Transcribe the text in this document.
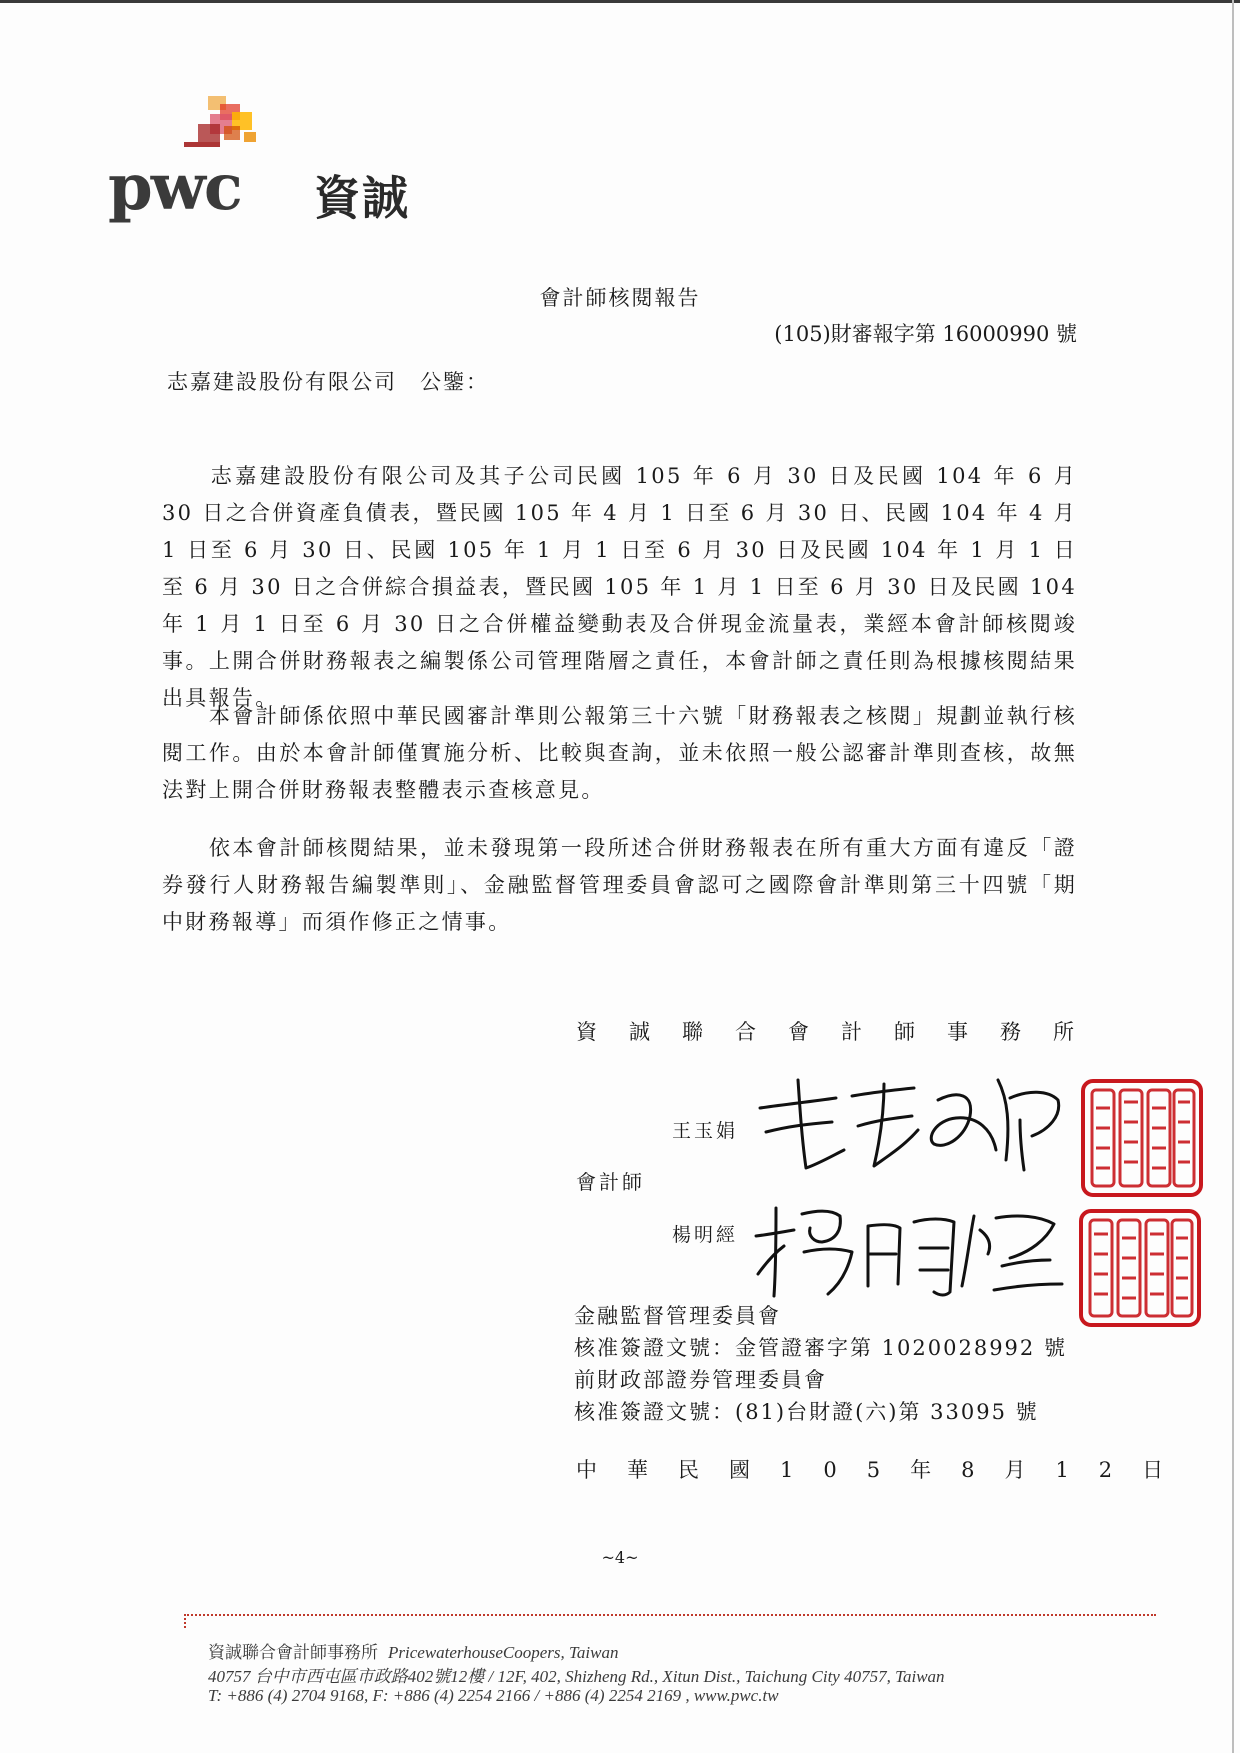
pwc 資誠
會計師核閱報告
(105)財審報字第 16000990 號
志嘉建設股份有限公司　公鑒：
　　志嘉建設股份有限公司及其子公司民國 105 年 6 月 30 日及民國 104 年 6 月 30 日之合併資產負債表，暨民國 105 年 4 月 1 日至 6 月 30 日、民國 104 年 4 月 1 日至 6 月 30 日、民國 105 年 1 月 1 日至 6 月 30 日及民國 104 年 1 月 1 日至 6 月 30 日之合併綜合損益表，暨民國 105 年 1 月 1 日至 6 月 30 日及民國 104 年 1 月 1 日至 6 月 30 日之合併權益變動表及合併現金流量表，業經本會計師核閱竣事。上開合併財務報表之編製係公司管理階層之責任，本會計師之責任則為根據核閱結果出具報告。
　　本會計師係依照中華民國審計準則公報第三十六號「財務報表之核閱」規劃並執行核閱工作。由於本會計師僅實施分析、比較與查詢，並未依照一般公認審計準則查核，故無法對上開合併財務報表整體表示查核意見。
　　依本會計師核閱結果，並未發現第一段所述合併財務報表在所有重大方面有違反「證券發行人財務報告編製準則」、金融監督管理委員會認可之國際會計準則第三十四號「期中財務報導」而須作修正之情事。
資誠聯合會計師事務所
王玉娟
會計師
楊明經
金融監督管理委員會
核准簽證文號：金管證審字第 1020028992 號
前財政部證券管理委員會
核准簽證文號：(81)台財證(六)第 33095 號
中華民國105年8月12日
~4~
資誠聯合會計師事務所 PricewaterhouseCoopers, Taiwan
40757 台中市西屯區市政路402號12樓 / 12F, 402, Shizheng Rd., Xitun Dist., Taichung City 40757, Taiwan
T: +886 (4) 2704 9168, F: +886 (4) 2254 2166 / +886 (4) 2254 2169 , www.pwc.tw
